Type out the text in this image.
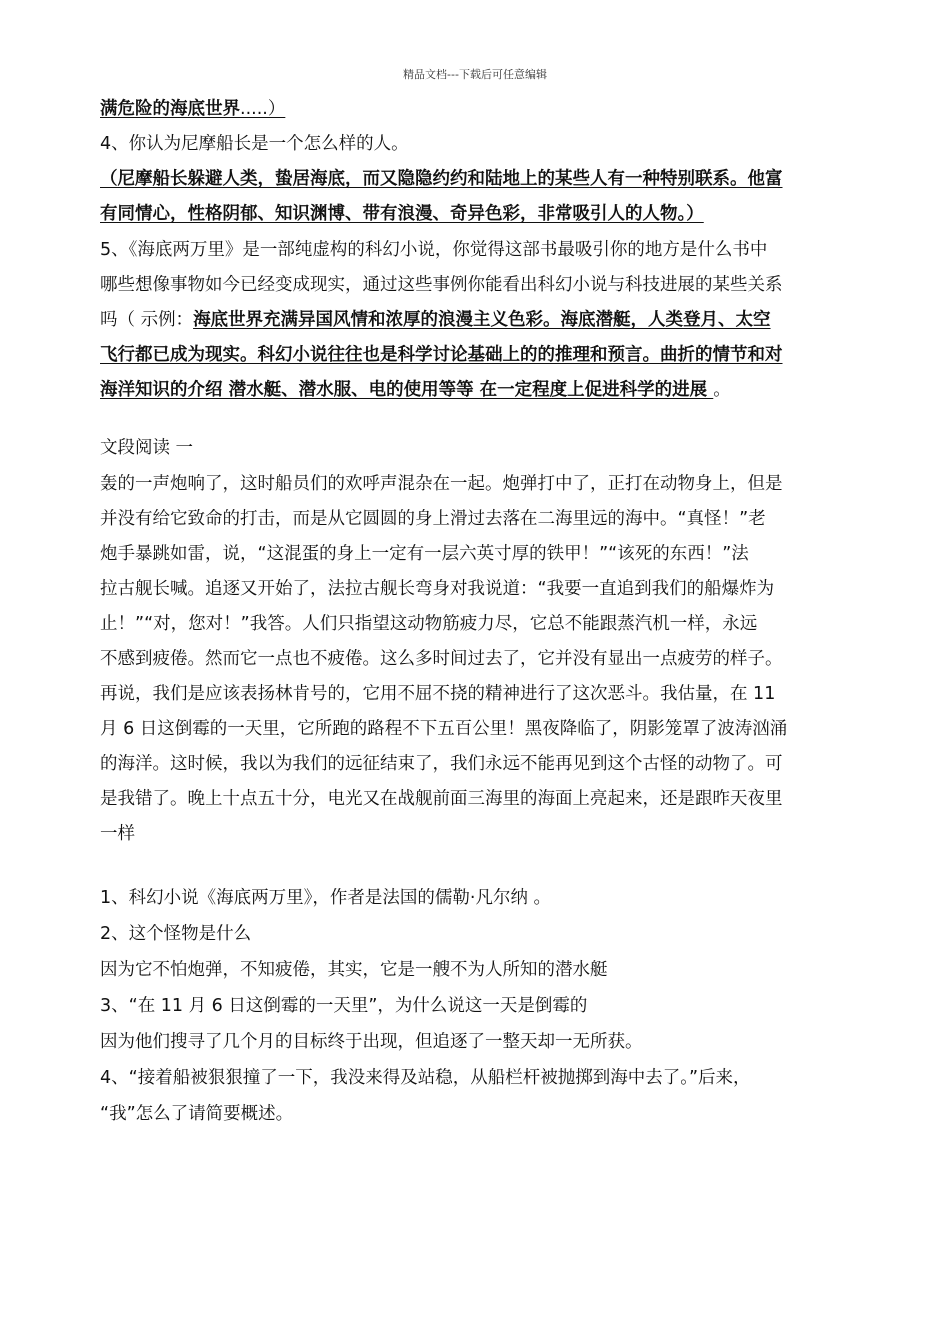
精品文档---下载后可任意编辑

满危险的海底世界.....）

4、你认为尼摩船长是一个怎么样的人。

（尼摩船长躲避人类，蛰居海底，而又隐隐约约和陆地上的某些人有一种特别联系。他富

有同情心，性格阴郁、知识渊博、带有浪漫、奇异色彩，非常吸引人的人物。）

5、《海底两万里》是一部纯虚构的科幻小说，你觉得这部书最吸引你的地方是什么书中

哪些想像事物如今已经变成现实，通过这些事例你能看出科幻小说与科技进展的某些关系

吗（ 示例：海底世界充满异国风情和浓厚的浪漫主义色彩。海底潜艇，人类登月、太空

飞行都已成为现实。科幻小说往往也是科学讨论基础上的的推理和预言。曲折的情节和对

海洋知识的介绍 潜水艇、潜水服、电的使用等等 在一定程度上促进科学的进展 。

文段阅读 一

轰的一声炮响了，这时船员们的欢呼声混杂在一起。炮弹打中了，正打在动物身上，但是

并没有给它致命的打击，而是从它圆圆的身上滑过去落在二海里远的海中。“真怪！”老

炮手暴跳如雷，说，“这混蛋的身上一定有一层六英寸厚的铁甲！”“该死的东西！”法

拉古舰长喊。追逐又开始了，法拉古舰长弯身对我说道：“我要一直追到我们的船爆炸为

止！”“对，您对！”我答。人们只指望这动物筋疲力尽，它总不能跟蒸汽机一样，永远

不感到疲倦。然而它一点也不疲倦。这么多时间过去了，它并没有显出一点疲劳的样子。

再说，我们是应该表扬林肯号的，它用不屈不挠的精神进行了这次恶斗。我估量，在 11

月 6 日这倒霉的一天里，它所跑的路程不下五百公里！黑夜降临了，阴影笼罩了波涛汹涌

的海洋。这时候，我以为我们的远征结束了，我们永远不能再见到这个古怪的动物了。可

是我错了。晚上十点五十分，电光又在战舰前面三海里的海面上亮起来，还是跟昨天夜里

一样

1、科幻小说《海底两万里》，作者是法国的儒勒·凡尔纳 。

2、这个怪物是什么

因为它不怕炮弹，不知疲倦，其实，它是一艘不为人所知的潜水艇

3、“在 11 月 6 日这倒霉的一天里”，为什么说这一天是倒霉的

因为他们搜寻了几个月的目标终于出现，但追逐了一整天却一无所获。

4、“接着船被狠狠撞了一下，我没来得及站稳，从船栏杆被抛掷到海中去了。”后来，

“我”怎么了请简要概述。
